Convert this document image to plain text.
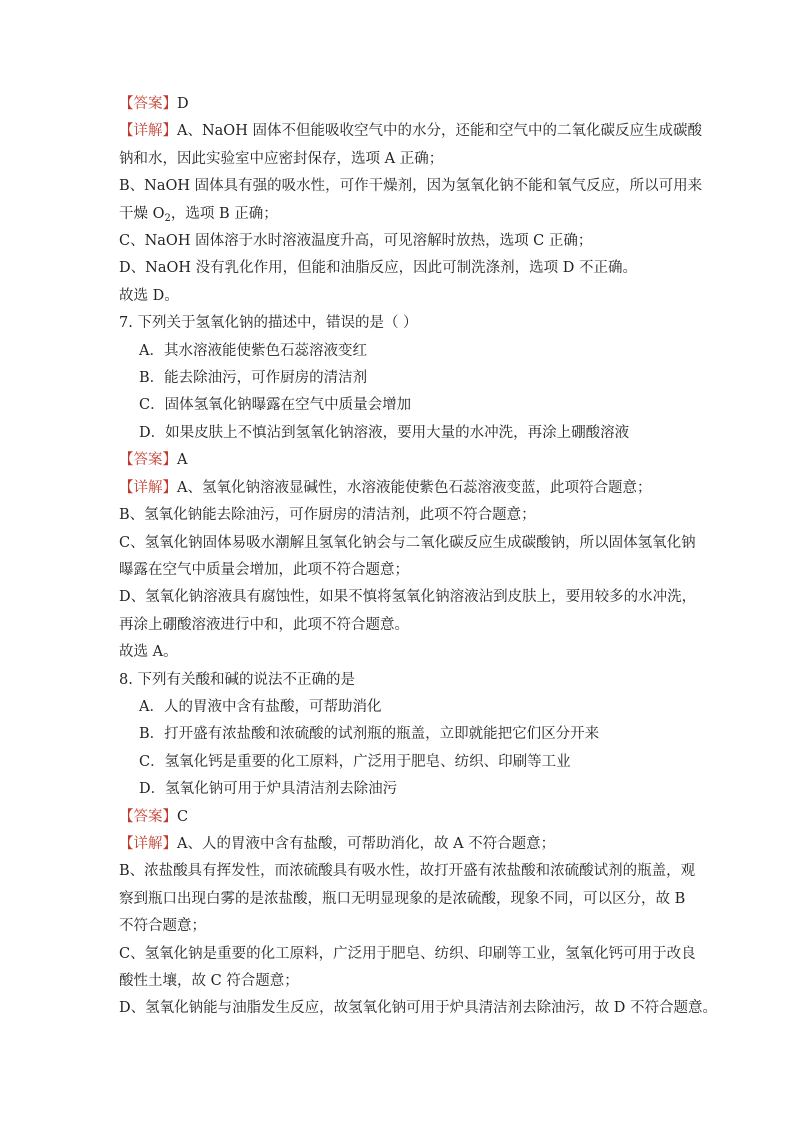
【答案】D
【详解】A、NaOH 固体不但能吸收空气中的水分，还能和空气中的二氧化碳反应生成碳酸
钠和水，因此实验室中应密封保存，选项 A 正确；
B、NaOH 固体具有强的吸水性，可作干燥剂，因为氢氧化钠不能和氧气反应，所以可用来
干燥 $O_2$，选项 B 正确；
C、NaOH 固体溶于水时溶液温度升高，可见溶解时放热，选项 C 正确；
D、NaOH 没有乳化作用，但能和油脂反应，因此可制洗涤剂，选项 D 不正确。
故选 D。
7. 下列关于氢氧化钠的描述中，错误的是（ ）
A．其水溶液能使紫色石蕊溶液变红
B．能去除油污，可作厨房的清洁剂
C．固体氢氧化钠曝露在空气中质量会增加
D．如果皮肤上不慎沾到氢氧化钠溶液，要用大量的水冲洗，再涂上硼酸溶液
【答案】A
【详解】A、氢氧化钠溶液显碱性，水溶液能使紫色石蕊溶液变蓝，此项符合题意；
B、氢氧化钠能去除油污，可作厨房的清洁剂，此项不符合题意；
C、氢氧化钠固体易吸水潮解且氢氧化钠会与二氧化碳反应生成碳酸钠，所以固体氢氧化钠
曝露在空气中质量会增加，此项不符合题意；
D、氢氧化钠溶液具有腐蚀性，如果不慎将氢氧化钠溶液沾到皮肤上，要用较多的水冲洗，
再涂上硼酸溶液进行中和，此项不符合题意。
故选 A。
8. 下列有关酸和碱的说法不正确的是
A．人的胃液中含有盐酸，可帮助消化
B．打开盛有浓盐酸和浓硫酸的试剂瓶的瓶盖，立即就能把它们区分开来
C．氢氧化钙是重要的化工原料，广泛用于肥皂、纺织、印刷等工业
D．氢氧化钠可用于炉具清洁剂去除油污
【答案】C
【详解】A、人的胃液中含有盐酸，可帮助消化，故 A 不符合题意；
B、浓盐酸具有挥发性，而浓硫酸具有吸水性，故打开盛有浓盐酸和浓硫酸试剂的瓶盖，观
察到瓶口出现白雾的是浓盐酸，瓶口无明显现象的是浓硫酸，现象不同，可以区分，故 B
不符合题意；
C、氢氧化钠是重要的化工原料，广泛用于肥皂、纺织、印刷等工业，氢氧化钙可用于改良
酸性土壤，故 C 符合题意；
D、氢氧化钠能与油脂发生反应，故氢氧化钠可用于炉具清洁剂去除油污，故 D 不符合题意。
